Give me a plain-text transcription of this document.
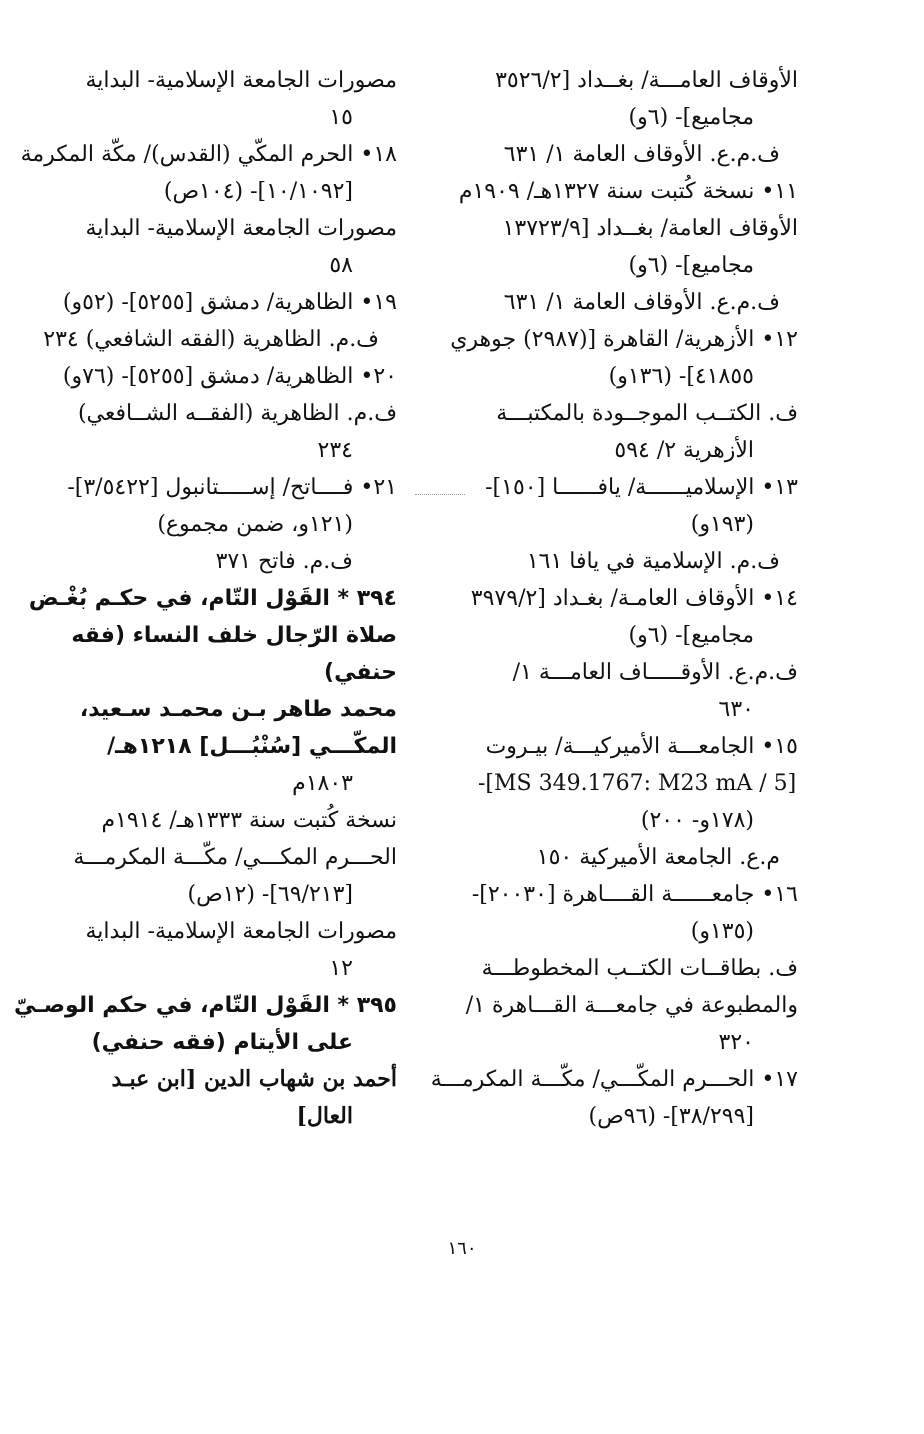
الأوقاف العامـــة/ بغــداد [٣٥٢٦/٢
مجاميع]- (٦و)
ف.م.ع. الأوقاف العامة ١/ ٦٣١
١١• نسخة كُتبت سنة ١٣٢٧هـ/ ١٩٠٩م
الأوقاف العامة/ بغــداد [١٣٧٢٣/٩
مجاميع]- (٦و)
ف.م.ع. الأوقاف العامة ١/ ٦٣١
١٢• الأزهرية/ القاهرة [(٢٩٨٧) جوهري
٤١٨٥٥]- (١٣٦و)
ف. الكتــب الموجــودة بالمكتبـــة
الأزهرية ٢/ ٥٩٤
١٣• الإسلاميــــــة/ يافــــــا [١٥٠]-
(١٩٣و)
ف.م. الإسلامية في يافا ١٦١
١٤• الأوقاف العامـة/ بغـداد [٣٩٧٩/٢
مجاميع]- (٦و)
ف.م.ع. الأوقـــــاف العامـــة ١/
٦٣٠
١٥• الجامعـــة الأميركيـــة/ بيـروت
-[MS 349.1767: M23 mA / 5]
(١٧٨و- ٢٠٠)
م.ع. الجامعة الأميركية ١٥٠
١٦• جامعــــــة القــــاهرة [٢٠٠٣٠]-
(١٣٥و)
ف. بطاقــات الكتــب المخطوطـــة
والمطبوعة في جامعـــة القـــاهرة ١/
٣٢٠
١٧• الحـــرم المكّـــي/ مكّـــة المكرمـــة
[٣٨/٢٩٩]- (٩٦ص)
مصورات الجامعة الإسلامية- البداية
١٥
١٨• الحرم المكّي (القدس)/ مكّة المكرمة
[١٠/١٠٩٢]- (١٠٤ص)
مصورات الجامعة الإسلامية- البداية
٥٨
١٩• الظاهرية/ دمشق [٥٢٥٥]- (٥٢و)
ف.م. الظاهرية (الفقه الشافعي) ٢٣٤
٢٠• الظاهرية/ دمشق [٥٢٥٥]- (٧٦و)
ف.م. الظاهرية (الفقــه الشــافعي)
٢٣٤
٢١• فــــاتح/ إســـــتانبول [٣/٥٤٢٢]-
(١٢١و، ضمن مجموع)
ف.م. فاتح ٣٧١
٣٩٤ * القَوْل التّام، في حكـم بُغْـض
صلاة الرّجال خلف النساء (فقه
حنفي)
محمد طاهر بـن محمـد سـعيد،
المكّـــي [سُنْبُـــل] ١٢١٨هـ/
١٨٠٣م
نسخة كُتبت سنة ١٣٣٣هـ/ ١٩١٤م
الحـــرم المكـــي/ مكّـــة المكرمـــة
[٦٩/٢١٣]- (١٢ص)
مصورات الجامعة الإسلامية- البداية
١٢
٣٩٥ * القَوْل التّام، في حكم الوصـيّ
على الأيتام (فقه حنفي)
أحمد بن شهاب الدين [ابن عبـد
العال]
١٦٠
